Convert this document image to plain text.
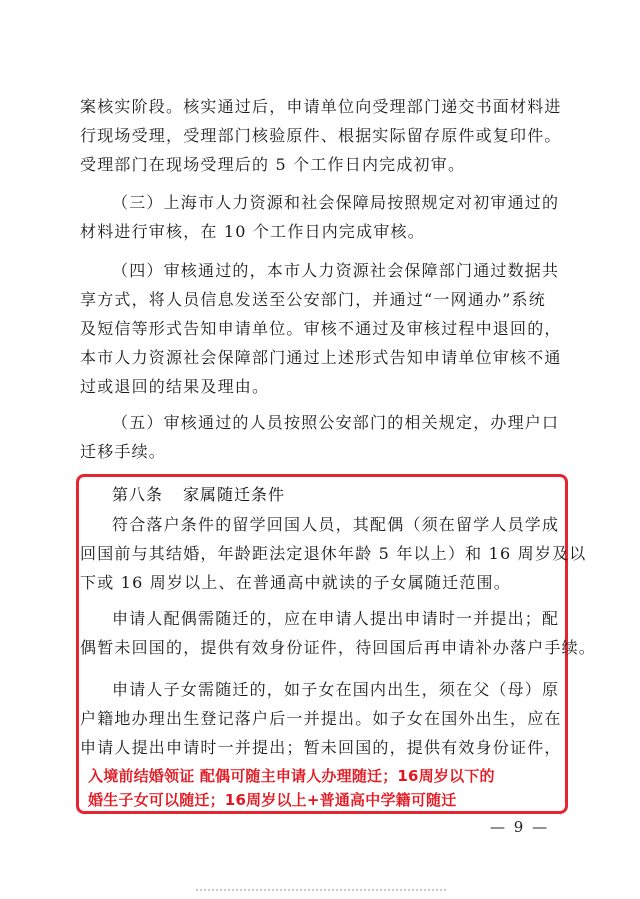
案核实阶段。核实通过后，申请单位向受理部门递交书面材料进
行现场受理，受理部门核验原件、根据实际留存原件或复印件。
受理部门在现场受理后的 5 个工作日内完成初审。
（三）上海市人力资源和社会保障局按照规定对初审通过的
材料进行审核，在 10 个工作日内完成审核。
（四）审核通过的，本市人力资源社会保障部门通过数据共
享方式，将人员信息发送至公安部门，并通过“一网通办”系统
及短信等形式告知申请单位。审核不通过及审核过程中退回的，
本市人力资源社会保障部门通过上述形式告知申请单位审核不通
过或退回的结果及理由。
（五）审核通过的人员按照公安部门的相关规定，办理户口
迁移手续。
第八条 家属随迁条件
符合落户条件的留学回国人员，其配偶（须在留学人员学成
回国前与其结婚，年龄距法定退休年龄 5 年以上）和 16 周岁及以
下或 16 周岁以上、在普通高中就读的子女属随迁范围。
申请人配偶需随迁的，应在申请人提出申请时一并提出；配
偶暂未回国的，提供有效身份证件，待回国后再申请补办落户手续。
申请人子女需随迁的，如子女在国内出生，须在父（母）原
户籍地办理出生登记落户后一并提出。如子女在国外出生，应在
申请人提出申请时一并提出；暂未回国的，提供有效身份证件，
入境前结婚领证 配偶可随主申请人办理随迁；16周岁以下的
婚生子女可以随迁；16周岁以上+普通高中学籍可随迁
— 9 —
